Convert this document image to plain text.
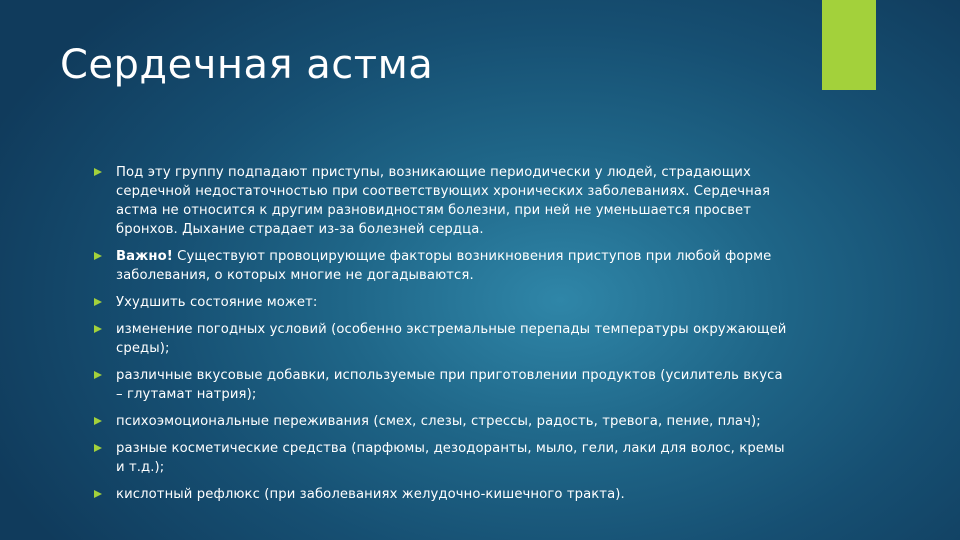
Сердечная астма
Под эту группу подпадают приступы, возникающие периодически у людей, страдающих сердечной недостаточностью при соответствующих хронических заболеваниях. Сердечная астма не относится к другим разновидностям болезни, при ней не уменьшается просвет бронхов. Дыхание страдает из-за болезней сердца.
Важно! Существуют провоцирующие факторы возникновения приступов при любой форме заболевания, о которых многие не догадываются.
Ухудшить состояние может:
изменение погодных условий (особенно экстремальные перепады температуры окружающей среды);
различные вкусовые добавки, используемые при приготовлении продуктов (усилитель вкуса – глутамат натрия);
психоэмоциональные переживания (смех, слезы, стрессы, радость, тревога, пение, плач);
разные косметические средства (парфюмы, дезодоранты, мыло, гели, лаки для волос, кремы и т.д.);
кислотный рефлюкс (при заболеваниях желудочно-кишечного тракта).
